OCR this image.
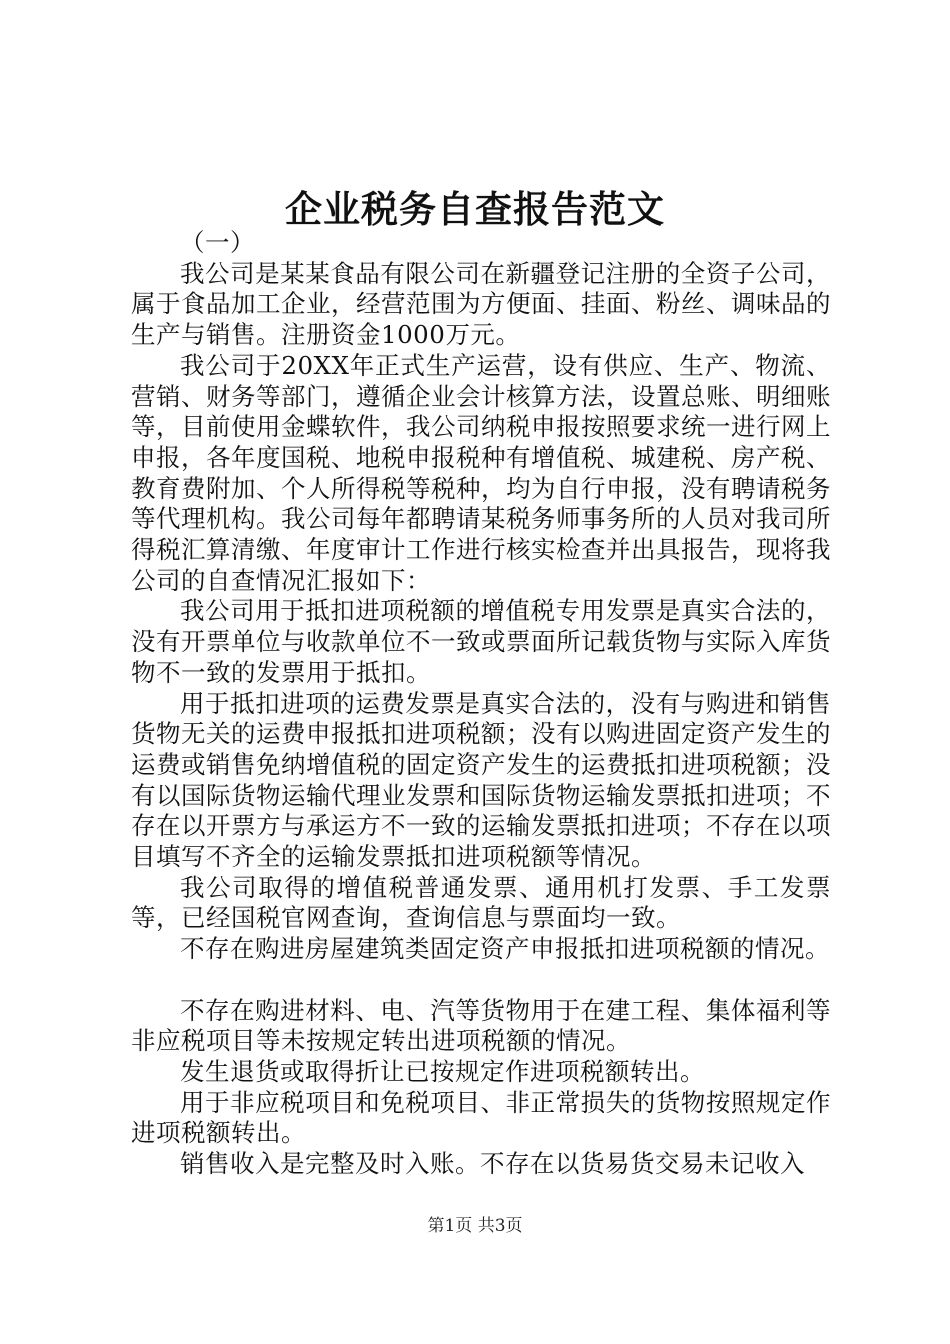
企业税务自查报告范文

（一）

我公司是某某食品有限公司在新疆登记注册的全资子公司，属于食品加工企业，经营范围为方便面、挂面、粉丝、调味品的生产与销售。注册资金1000万元。

我公司于20XX年正式生产运营，设有供应、生产、物流、营销、财务等部门，遵循企业会计核算方法，设置总账、明细账等，目前使用金蝶软件，我公司纳税申报按照要求统一进行网上申报，各年度国税、地税申报税种有增值税、城建税、房产税、教育费附加、个人所得税等税种，均为自行申报，没有聘请税务等代理机构。我公司每年都聘请某税务师事务所的人员对我司所得税汇算清缴、年度审计工作进行核实检查并出具报告，现将我公司的自查情况汇报如下：

我公司用于抵扣进项税额的增值税专用发票是真实合法的，没有开票单位与收款单位不一致或票面所记载货物与实际入库货物不一致的发票用于抵扣。

用于抵扣进项的运费发票是真实合法的，没有与购进和销售货物无关的运费申报抵扣进项税额；没有以购进固定资产发生的运费或销售免纳增值税的固定资产发生的运费抵扣进项税额；没有以国际货物运输代理业发票和国际货物运输发票抵扣进项；不存在以开票方与承运方不一致的运输发票抵扣进项；不存在以项目填写不齐全的运输发票抵扣进项税额等情况。

我公司取得的增值税普通发票、通用机打发票、手工发票等，已经国税官网查询，查询信息与票面均一致。

不存在购进房屋建筑类固定资产申报抵扣进项税额的情况。

不存在购进材料、电、汽等货物用于在建工程、集体福利等非应税项目等未按规定转出进项税额的情况。

发生退货或取得折让已按规定作进项税额转出。

用于非应税项目和免税项目、非正常损失的货物按照规定作进项税额转出。

销售收入是完整及时入账。不存在以货易货交易未记收入

第1页 共3页
